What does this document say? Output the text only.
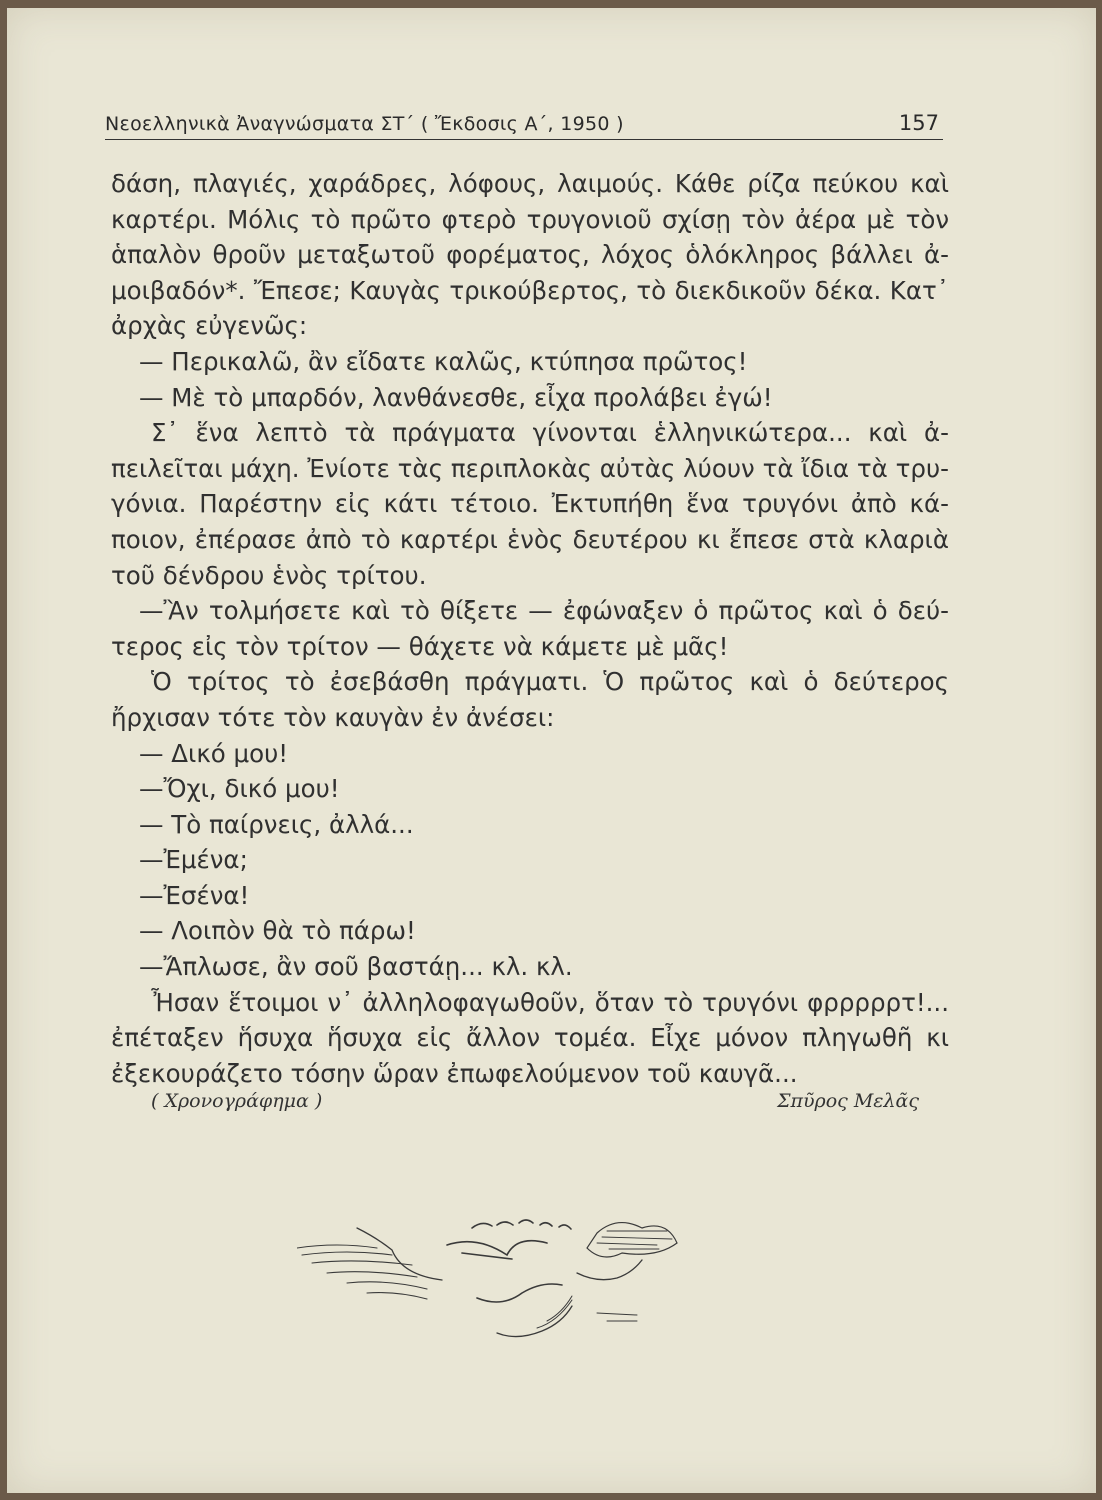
Νεοελληνικὰ Ἀναγνώσματα ΣΤ΄ ( Ἔκδοσις Α΄, 1950 )	157
δάση, πλαγιές, χαράδρες, λόφους, λαιμούς. Κάθε ρίζα πεύκου καὶ
καρτέρι. Μόλις τὸ πρῶτο φτερὸ τρυγονιοῦ σχίσῃ τὸν ἀέρα μὲ τὸν
ἁπαλὸν θροῦν μεταξωτοῦ φορέματος, λόχος ὁλόκληρος βάλλει ἀ-
μοιβαδόν*. Ἔπεσε; Καυγὰς τρικούβερτος, τὸ διεκδικοῦν δέκα. Κατ᾽
ἀρχὰς εὐγενῶς:
— Περικαλῶ, ἂν εἴδατε καλῶς, κτύπησα πρῶτος!
— Μὲ τὸ μπαρδόν, λανθάνεσθε, εἶχα προλάβει ἐγώ!
Σ᾽ ἕνα λεπτὸ τὰ πράγματα γίνονται ἑλληνικώτερα... καὶ ἀ-
πειλεῖται μάχη. Ἐνίοτε τὰς περιπλοκὰς αὐτὰς λύουν τὰ ἴδια τὰ τρυ-
γόνια. Παρέστην εἰς κάτι τέτοιο. Ἐκτυπήθη ἕνα τρυγόνι ἀπὸ κά-
ποιον, ἐπέρασε ἀπὸ τὸ καρτέρι ἑνὸς δευτέρου κι ἔπεσε στὰ κλαριὰ
τοῦ δένδρου ἑνὸς τρίτου.
—Ἂν τολμήσετε καὶ τὸ θίξετε — ἐφώναξεν ὁ πρῶτος καὶ ὁ δεύ-
τερος εἰς τὸν τρίτον — θάχετε νὰ κάμετε μὲ μᾶς!
Ὁ τρίτος τὸ ἐσεβάσθη πράγματι. Ὁ πρῶτος καὶ ὁ δεύτερος
ἤρχισαν τότε τὸν καυγὰν ἐν ἀνέσει:
— Δικό μου!
—Ὄχι, δικό μου!
— Τὸ παίρνεις, ἀλλά...
—Ἐμένα;
—Ἐσένα!
— Λοιπὸν θὰ τὸ πάρω!
—Ἄπλωσε, ἂν σοῦ βαστάῃ... κλ. κλ.
Ἦσαν ἕτοιμοι ν᾽ ἀλληλοφαγωθοῦν, ὅταν τὸ τρυγόνι φρρρρρτ!...
ἐπέταξεν ἥσυχα ἥσυχα εἰς ἄλλον τομέα. Εἶχε μόνον πληγωθῆ κι
ἐξεκουράζετο τόσην ὥραν ἐπωφελούμενον τοῦ καυγᾶ...
( Χρονογράφημα )	Σπῦρος Μελᾶς
